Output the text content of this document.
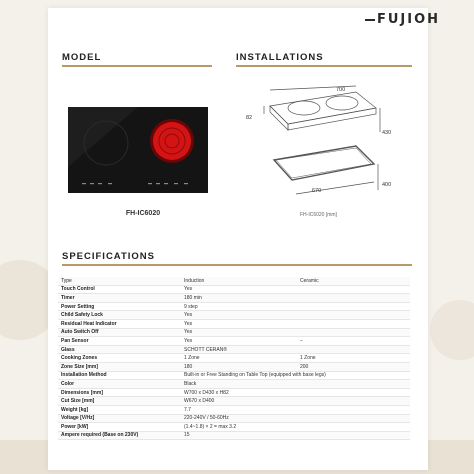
FUJIOH
MODEL
FH-IC6020
INSTALLATIONS
700
430
82
400
670
FH-IC6020 [mm]
SPECIFICATIONS
Type	Induction	Ceramic
Touch Control	Yes
Timer	180 min
Power Setting	9 step
Child Safety Lock	Yes
Residual Heat Indicator	Yes
Auto Switch Off	Yes
Pan Sensor	Yes	–
Glass	SCHOTT CERAN®
Cooking Zones	1 Zone	1 Zone
Zone Size [mm]	180	200
Installation Method	Built-in or Free Standing on Table Top (equipped with base legs)
Color	Black
Dimensions [mm]	W700 x D430 x H82
Cut Size [mm]	W670 x D400
Weight [kg]	7.7
Voltage [V/Hz]	220-240V / 50-60Hz
Power [kW]	(1.4~1.8) × 2 = max 3.2
Ampere required (Base on 230V)	15
